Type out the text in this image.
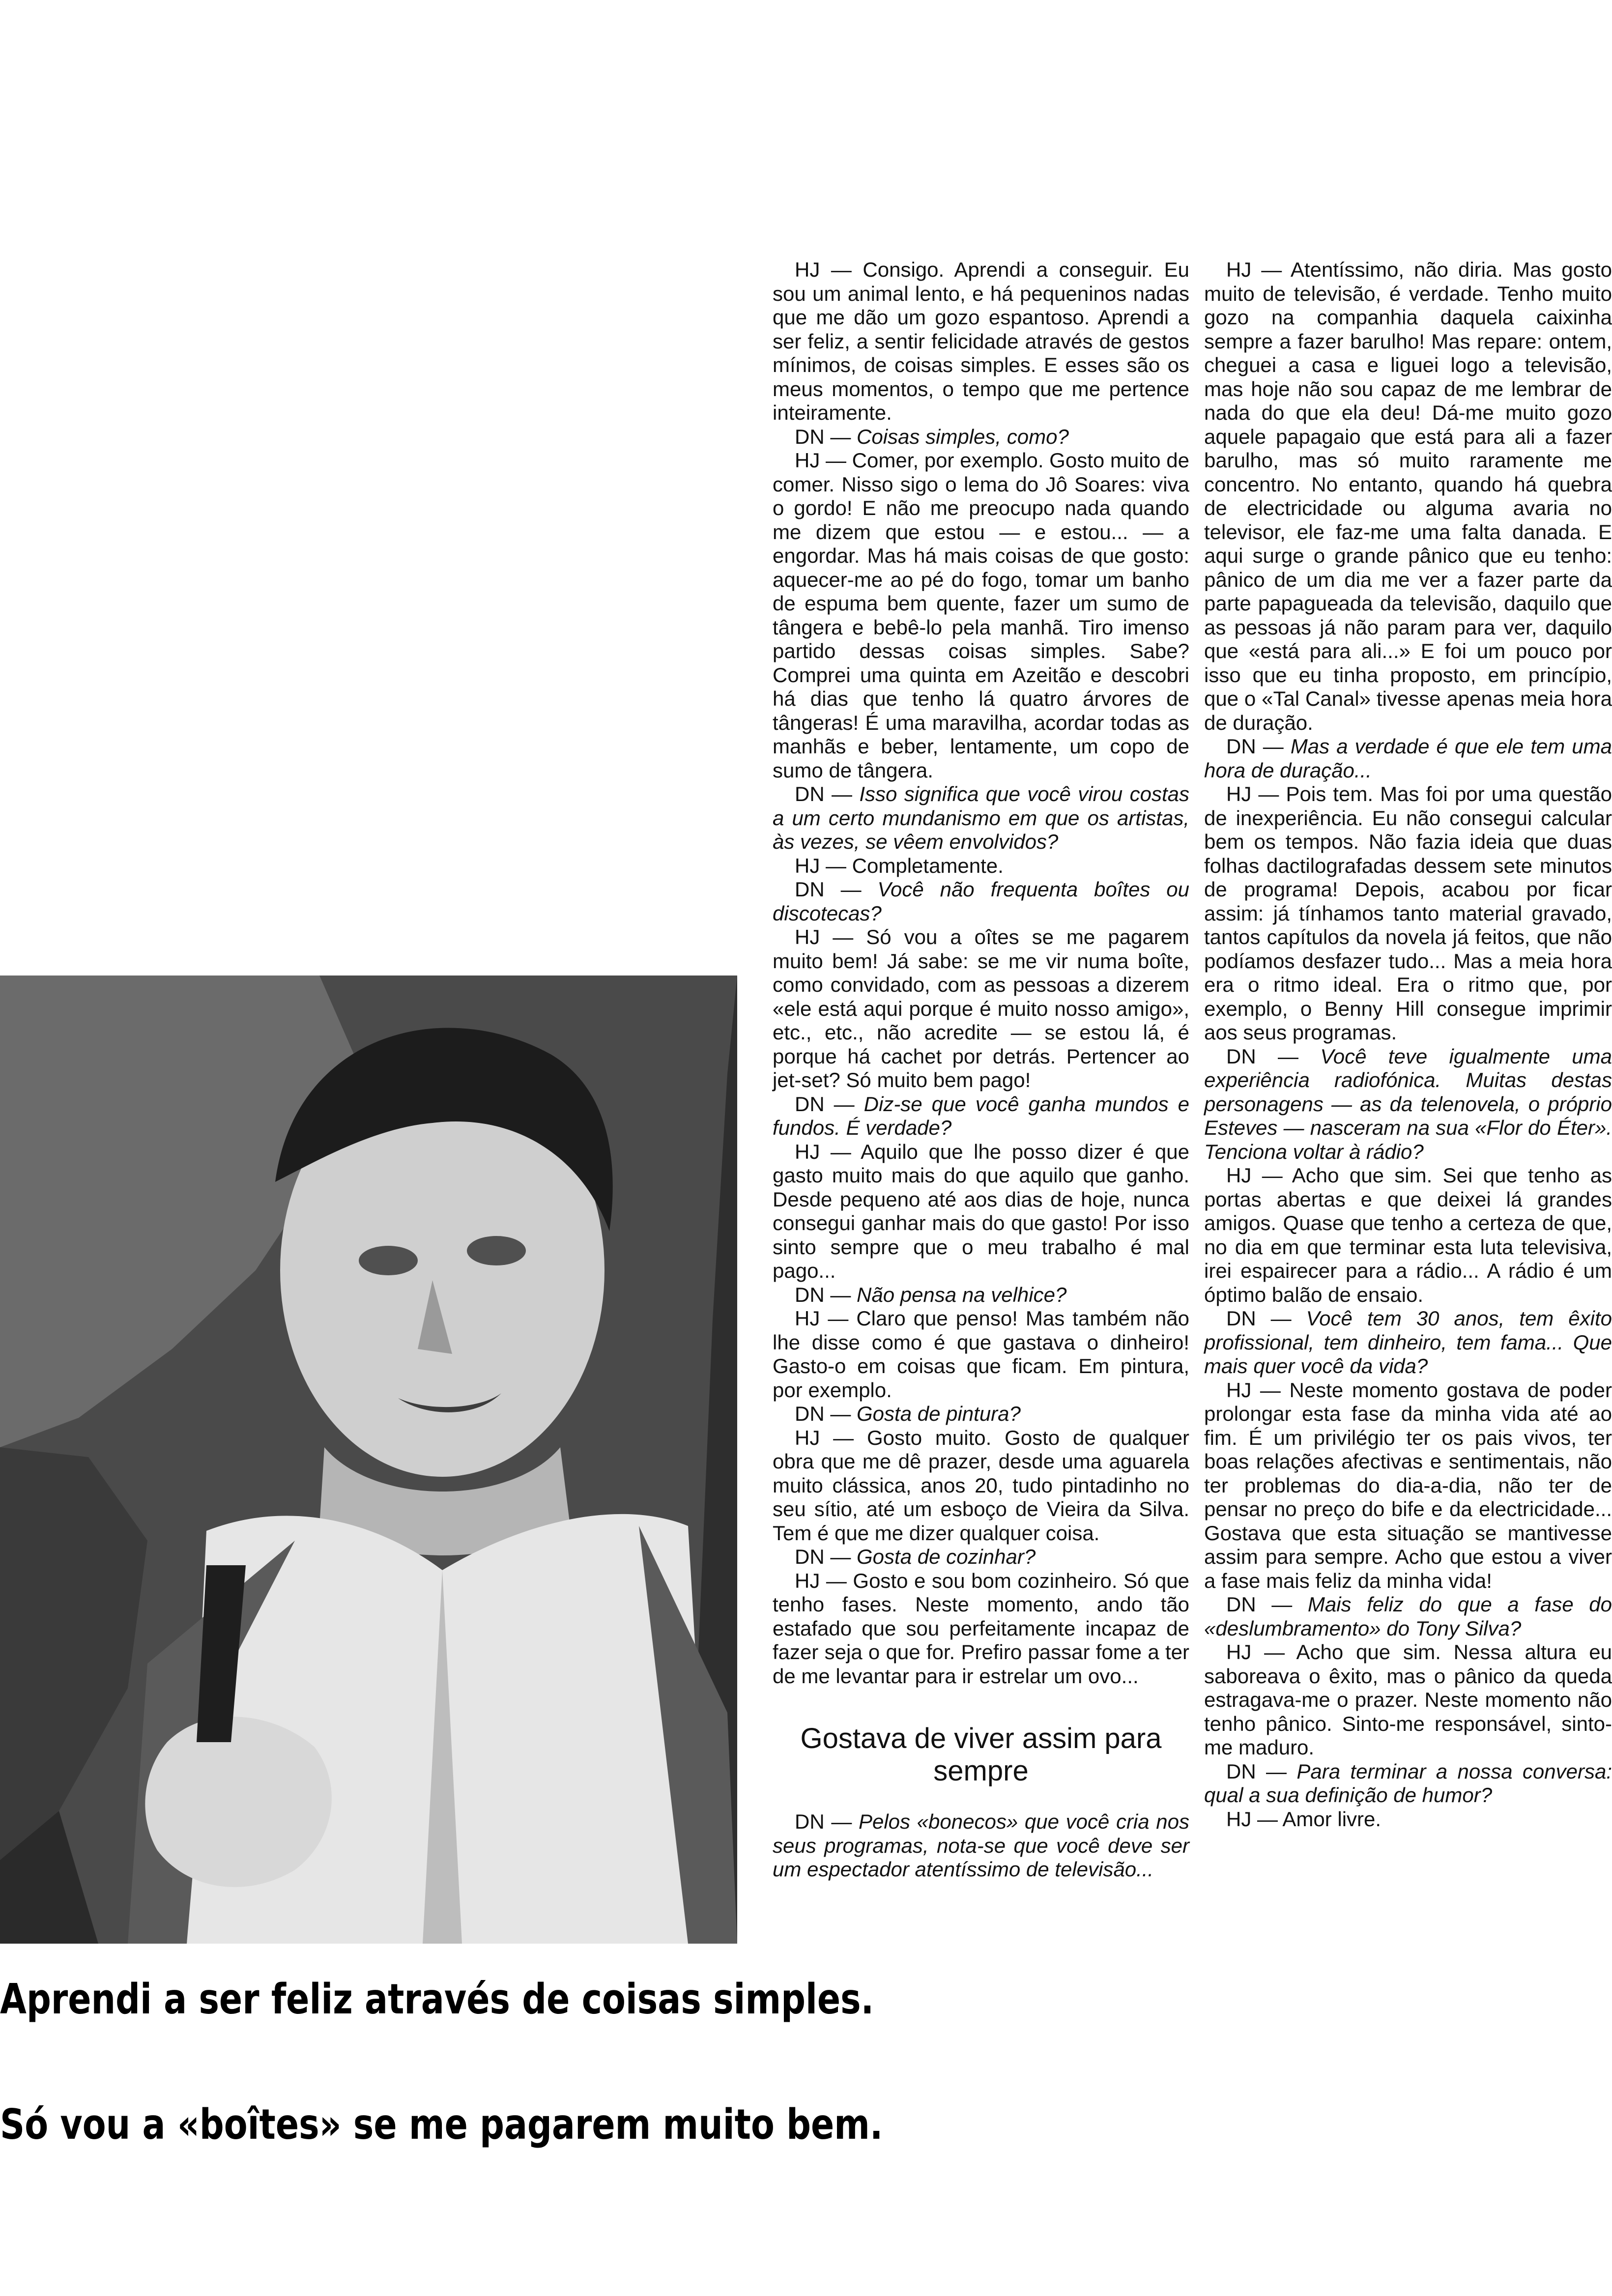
Aprendi a ser feliz através de coisas simples.
Só vou a «boîtes» se me pagarem muito bem.

HJ — Consigo. Aprendi a conseguir. Eu sou um animal lento, e há pequeninos nadas que me dão um gozo espantoso. Aprendi a ser feliz, a sentir felicidade através de gestos mínimos, de coisas simples. E esses são os meus momentos, o tempo que me pertence inteiramente.

DN — Coisas simples, como?

HJ — Comer, por exemplo. Gosto muito de comer. Nisso sigo o lema do Jô Soares: viva o gordo! E não me preocupo nada quando me dizem que estou — e estou... — a engordar. Mas há mais coisas de que gosto: aquecer-me ao pé do fogo, tomar um banho de espuma bem quente, fazer um sumo de tângera e bebê-lo pela manhã. Tiro imenso partido dessas coisas simples. Sabe? Comprei uma quinta em Azeitão e descobri há dias que tenho lá quatro árvores de tângeras! É uma maravilha, acordar todas as manhãs e beber, lentamente, um copo de sumo de tângera.

DN — Isso significa que você virou costas a um certo mundanismo em que os artistas, às vezes, se vêem envolvidos?

HJ — Completamente.

DN — Você não frequenta boîtes ou discotecas?

HJ — Só vou a oîtes se me pagarem muito bem! Já sabe: se me vir numa boîte, como convidado, com as pessoas a dizerem «ele está aqui porque é muito nosso amigo», etc., etc., não acredite — se estou lá, é porque há cachet por detrás. Pertencer ao jet-set? Só muito bem pago!

DN — Diz-se que você ganha mundos e fundos. É verdade?

HJ — Aquilo que lhe posso dizer é que gasto muito mais do que aquilo que ganho. Desde pequeno até aos dias de hoje, nunca consegui ganhar mais do que gasto! Por isso sinto sempre que o meu trabalho é mal pago...

DN — Não pensa na velhice?

HJ — Claro que penso! Mas também não lhe disse como é que gastava o dinheiro! Gasto-o em coisas que ficam. Em pintura, por exemplo.

DN — Gosta de pintura?

HJ — Gosto muito. Gosto de qualquer obra que me dê prazer, desde uma aguarela muito clássica, anos 20, tudo pintadinho no seu sítio, até um esboço de Vieira da Silva. Tem é que me dizer qualquer coisa.

DN — Gosta de cozinhar?

HJ — Gosto e sou bom cozinheiro. Só que tenho fases. Neste momento, ando tão estafado que sou perfeitamente incapaz de fazer seja o que for. Prefiro passar fome a ter de me levantar para ir estrelar um ovo...

Gostava de viver assim para sempre

DN — Pelos «bonecos» que você cria nos seus programas, nota-se que você deve ser um espectador atentíssimo de televisão...

HJ — Atentíssimo, não diria. Mas gosto muito de televisão, é verdade. Tenho muito gozo na companhia daquela caixinha sempre a fazer barulho! Mas repare: ontem, cheguei a casa e liguei logo a televisão, mas hoje não sou capaz de me lembrar de nada do que ela deu! Dá-me muito gozo aquele papagaio que está para ali a fazer barulho, mas só muito raramente me concentro. No entanto, quando há quebra de electricidade ou alguma avaria no televisor, ele faz-me uma falta danada. E aqui surge o grande pânico que eu tenho: pânico de um dia me ver a fazer parte da parte papagueada da televisão, daquilo que as pessoas já não param para ver, daquilo que «está para ali...» E foi um pouco por isso que eu tinha proposto, em princípio, que o «Tal Canal» tivesse apenas meia hora de duração.

DN — Mas a verdade é que ele tem uma hora de duração...

HJ — Pois tem. Mas foi por uma questão de inexperiência. Eu não consegui calcular bem os tempos. Não fazia ideia que duas folhas dactilografadas dessem sete minutos de programa! Depois, acabou por ficar assim: já tínhamos tanto material gravado, tantos capítulos da novela já feitos, que não podíamos desfazer tudo... Mas a meia hora era o ritmo ideal. Era o ritmo que, por exemplo, o Benny Hill consegue imprimir aos seus programas.

DN — Você teve igualmente uma experiência radiofónica. Muitas destas personagens — as da telenovela, o próprio Esteves — nasceram na sua «Flor do Éter». Tenciona voltar à rádio?

HJ — Acho que sim. Sei que tenho as portas abertas e que deixei lá grandes amigos. Quase que tenho a certeza de que, no dia em que terminar esta luta televisiva, irei espairecer para a rádio... A rádio é um óptimo balão de ensaio.

DN — Você tem 30 anos, tem êxito profissional, tem dinheiro, tem fama... Que mais quer você da vida?

HJ — Neste momento gostava de poder prolongar esta fase da minha vida até ao fim. É um privilégio ter os pais vivos, ter boas relações afectivas e sentimentais, não ter problemas do dia-a-dia, não ter de pensar no preço do bife e da electricidade... Gostava que esta situação se mantivesse assim para sempre. Acho que estou a viver a fase mais feliz da minha vida!

DN — Mais feliz do que a fase do «deslumbramento» do Tony Silva?

HJ — Acho que sim. Nessa altura eu saboreava o êxito, mas o pânico da queda estragava-me o prazer. Neste momento não tenho pânico. Sinto-me responsável, sinto-me maduro.

DN — Para terminar a nossa conversa: qual a sua definição de humor?

HJ — Amor livre.
